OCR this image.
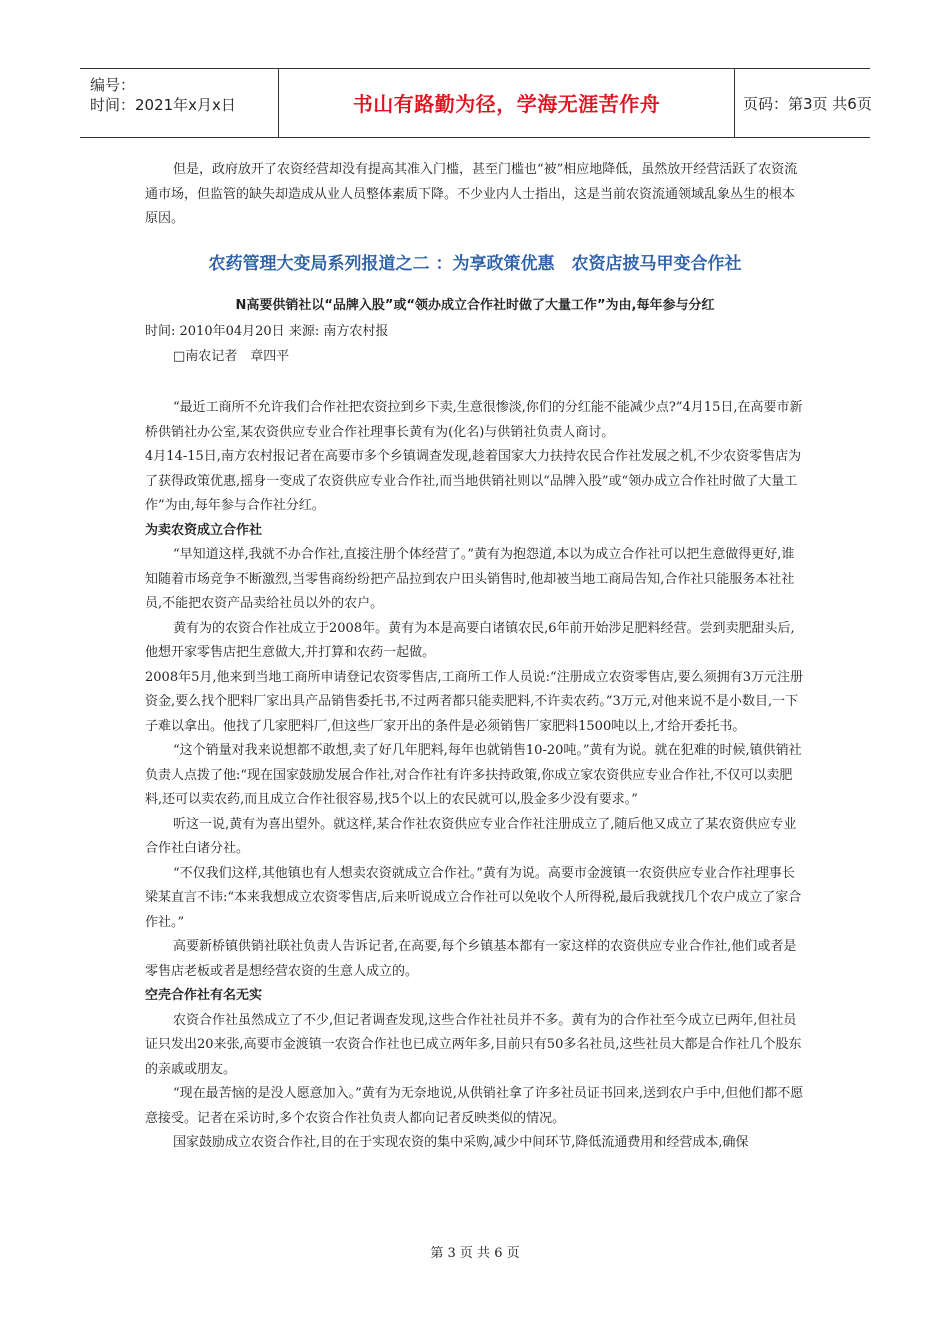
编号：
时间：2021年x月x日	书山有路勤为径，学海无涯苦作舟	页码：第3页 共6页

但是，政府放开了农资经营却没有提高其准入门槛，甚至门槛也“被”相应地降低，虽然放开经营活跃了农资流通市场，但监管的缺失却造成从业人员整体素质下降。不少业内人士指出，这是当前农资流通领域乱象丛生的根本原因。

农药管理大变局系列报道之二 ：为享政策优惠　农资店披马甲变合作社
N高要供销社以“品牌入股”或“领办成立合作社时做了大量工作”为由,每年参与分红

时间: 2010年04月20日 来源: 南方农村报

□南农记者　章四平

“最近工商所不允许我们合作社把农资拉到乡下卖,生意很惨淡,你们的分红能不能减少点?”4月15日,在高要市新桥供销社办公室,某农资供应专业合作社理事长黄有为(化名)与供销社负责人商讨。

4月14-15日,南方农村报记者在高要市多个乡镇调查发现,趁着国家大力扶持农民合作社发展之机,不少农资零售店为了获得政策优惠,摇身一变成了农资供应专业合作社,而当地供销社则以“品牌入股”或“领办成立合作社时做了大量工作”为由,每年参与合作社分红。

为卖农资成立合作社

“早知道这样,我就不办合作社,直接注册个体经营了。”黄有为抱怨道,本以为成立合作社可以把生意做得更好,谁知随着市场竞争不断激烈,当零售商纷纷把产品拉到农户田头销售时,他却被当地工商局告知,合作社只能服务本社社员,不能把农资产品卖给社员以外的农户。

黄有为的农资合作社成立于2008年。黄有为本是高要白诸镇农民,6年前开始涉足肥料经营。尝到卖肥甜头后,他想开家零售店把生意做大,并打算和农药一起做。

2008年5月,他来到当地工商所申请登记农资零售店,工商所工作人员说:“注册成立农资零售店,要么须拥有3万元注册资金,要么找个肥料厂家出具产品销售委托书,不过两者都只能卖肥料,不许卖农药。”3万元,对他来说不是小数目,一下子难以拿出。他找了几家肥料厂,但这些厂家开出的条件是必须销售厂家肥料1500吨以上,才给开委托书。

“这个销量对我来说想都不敢想,卖了好几年肥料,每年也就销售10-20吨。”黄有为说。就在犯难的时候,镇供销社负责人点拨了他:“现在国家鼓励发展合作社,对合作社有许多扶持政策,你成立家农资供应专业合作社,不仅可以卖肥料,还可以卖农药,而且成立合作社很容易,找5个以上的农民就可以,股金多少没有要求。”

听这一说,黄有为喜出望外。就这样,某合作社农资供应专业合作社注册成立了,随后他又成立了某农资供应专业合作社白诸分社。

“不仅我们这样,其他镇也有人想卖农资就成立合作社。”黄有为说。高要市金渡镇一农资供应专业合作社理事长梁某直言不讳:“本来我想成立农资零售店,后来听说成立合作社可以免收个人所得税,最后我就找几个农户成立了家合作社。”

高要新桥镇供销社联社负责人告诉记者,在高要,每个乡镇基本都有一家这样的农资供应专业合作社,他们或者是零售店老板或者是想经营农资的生意人成立的。

空壳合作社有名无实

农资合作社虽然成立了不少,但记者调查发现,这些合作社社员并不多。黄有为的合作社至今成立已两年,但社员证只发出20来张,高要市金渡镇一农资合作社也已成立两年多,目前只有50多名社员,这些社员大都是合作社几个股东的亲戚或朋友。

“现在最苦恼的是没人愿意加入。”黄有为无奈地说,从供销社拿了许多社员证书回来,送到农户手中,但他们都不愿意接受。记者在采访时,多个农资合作社负责人都向记者反映类似的情况。

国家鼓励成立农资合作社,目的在于实现农资的集中采购,减少中间环节,降低流通费用和经营成本,确保

第 3 页 共 6 页
